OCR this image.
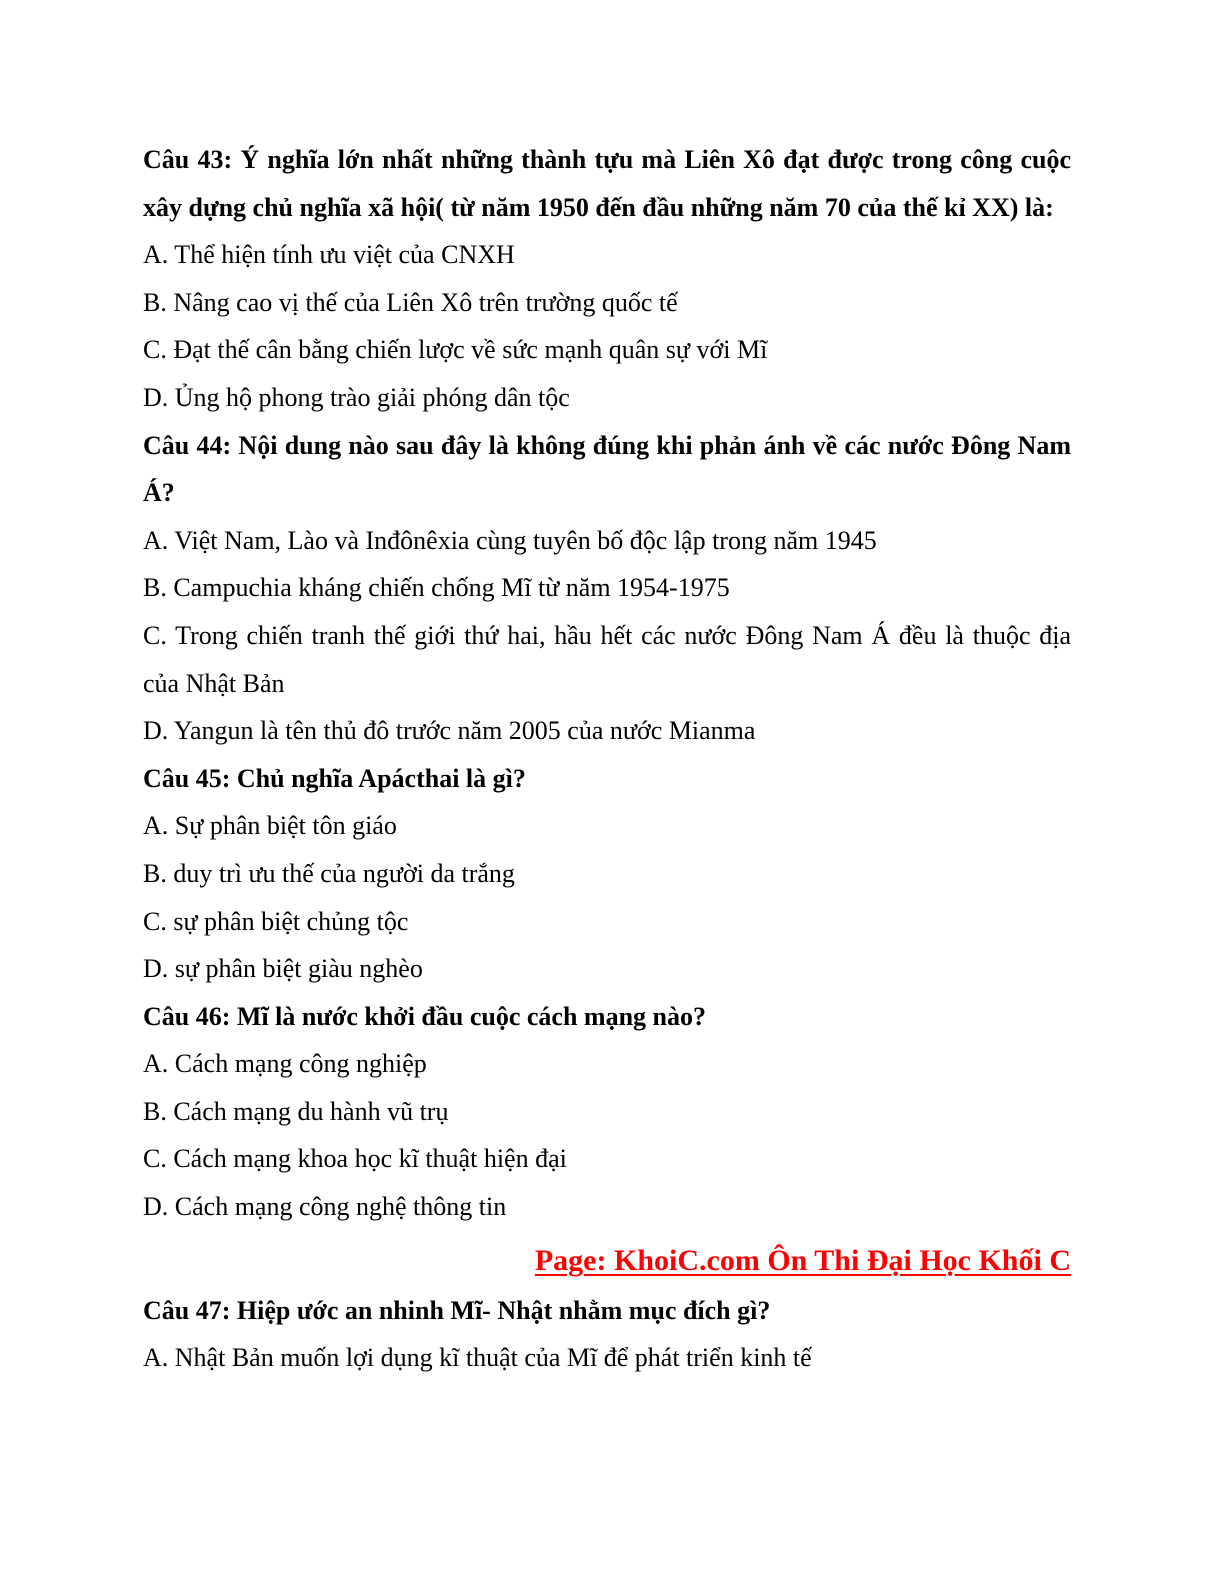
Câu 43: Ý nghĩa lớn nhất những thành tựu mà Liên Xô đạt được trong công cuộc xây dựng chủ nghĩa xã hội( từ năm 1950 đến đầu những năm 70 của thế kỉ XX) là:

A. Thể hiện tính ưu việt của CNXH

B. Nâng cao vị thế của Liên Xô trên trường quốc tế

C. Đạt thế cân bằng chiến lược về sức mạnh quân sự với Mĩ

D. Ủng hộ phong trào giải phóng dân tộc

Câu 44: Nội dung nào sau đây là không đúng khi phản ánh về các nước Đông Nam Á?

A. Việt Nam, Lào và Inđônêxia cùng tuyên bố độc lập trong năm 1945

B. Campuchia kháng chiến chống Mĩ từ năm 1954-1975

C. Trong chiến tranh thế giới thứ hai, hầu hết các nước Đông Nam Á đều là thuộc địa của Nhật Bản

D. Yangun là tên thủ đô trước năm 2005 của nước Mianma

Câu 45: Chủ nghĩa Apácthai là gì?

A. Sự phân biệt tôn giáo

B. duy trì ưu thế của người da trắng

C. sự phân biệt chủng tộc

D. sự phân biệt giàu nghèo

Câu 46: Mĩ là nước khởi đầu cuộc cách mạng nào?

A. Cách mạng công nghiệp

B. Cách mạng du hành vũ trụ

C. Cách mạng khoa học kĩ thuật hiện đại

D. Cách mạng công nghệ thông tin

Page: KhoiC.com Ôn Thi Đại Học Khối C

Câu 47: Hiệp ước an nhinh Mĩ- Nhật nhằm mục đích gì?

A. Nhật Bản muốn lợi dụng kĩ thuật của Mĩ để phát triển kinh tế
